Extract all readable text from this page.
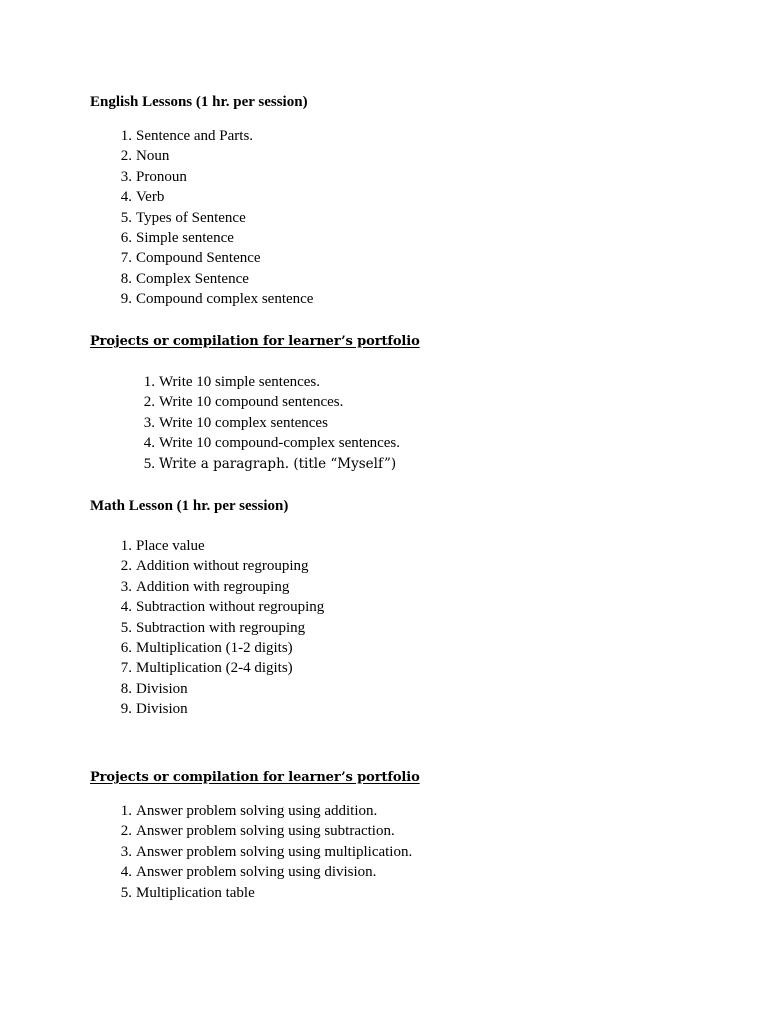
English Lessons (1 hr. per session)

1. Sentence and Parts.
2. Noun
3. Pronoun
4. Verb
5. Types of Sentence
6. Simple sentence
7. Compound Sentence
8. Complex Sentence
9. Compound complex sentence

Projects or compilation for learner’s portfolio

1. Write 10 simple sentences.
2. Write 10 compound sentences.
3. Write 10 complex sentences
4. Write 10 compound-complex sentences.
5. Write a paragraph. (title “Myself”)

Math Lesson (1 hr. per session)

1. Place value
2. Addition without regrouping
3. Addition with regrouping
4. Subtraction without regrouping
5. Subtraction with regrouping
6. Multiplication (1-2 digits)
7. Multiplication (2-4 digits)
8. Division
9. Division

Projects or compilation for learner’s portfolio

1. Answer problem solving using addition.
2. Answer problem solving using subtraction.
3. Answer problem solving using multiplication.
4. Answer problem solving using division.
5. Multiplication table
